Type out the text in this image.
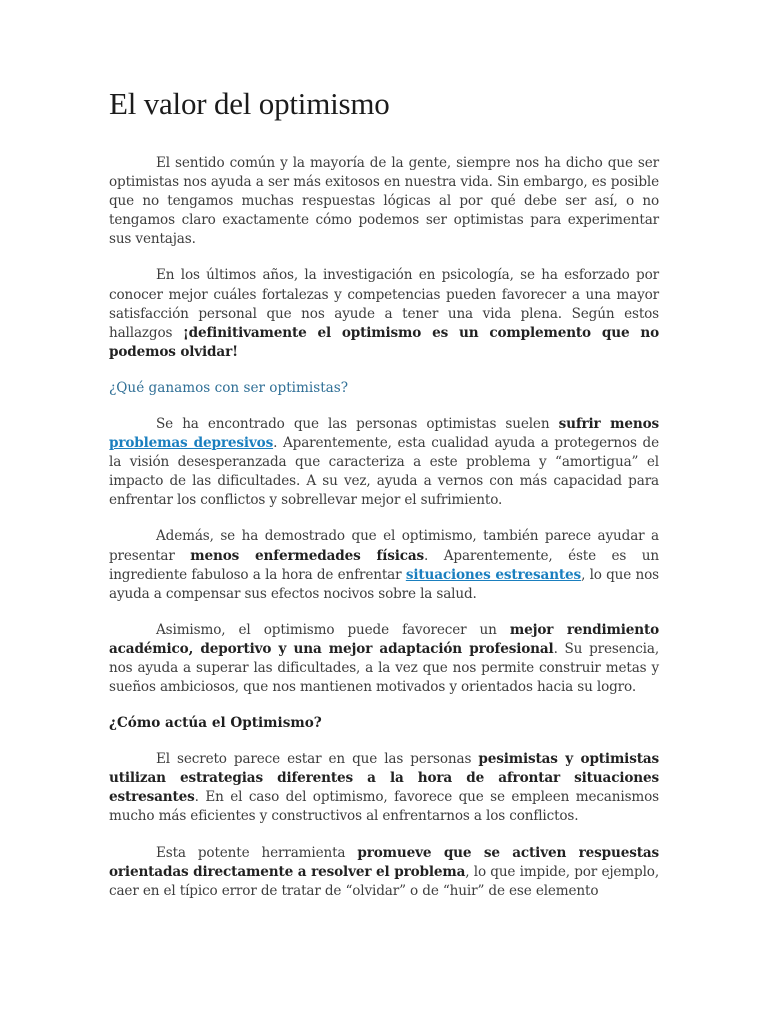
El valor del optimismo

El sentido común y la mayoría de la gente, siempre nos ha dicho que ser optimistas nos ayuda a ser más exitosos en nuestra vida. Sin embargo, es posible que no tengamos muchas respuestas lógicas al por qué debe ser así, o no tengamos claro exactamente cómo podemos ser optimistas para experimentar sus ventajas.

En los últimos años, la investigación en psicología, se ha esforzado por conocer mejor cuáles fortalezas y competencias pueden favorecer a una mayor satisfacción personal que nos ayude a tener una vida plena. Según estos hallazgos ¡definitivamente el optimismo es un complemento que no podemos olvidar!

¿Qué ganamos con ser optimistas?

Se ha encontrado que las personas optimistas suelen sufrir menos problemas depresivos. Aparentemente, esta cualidad ayuda a protegernos de la visión desesperanzada que caracteriza a este problema y “amortigua” el impacto de las dificultades. A su vez, ayuda a vernos con más capacidad para enfrentar los conflictos y sobrellevar mejor el sufrimiento.

Además, se ha demostrado que el optimismo, también parece ayudar a presentar menos enfermedades físicas. Aparentemente, éste es un ingrediente fabuloso a la hora de enfrentar situaciones estresantes, lo que nos ayuda a compensar sus efectos nocivos sobre la salud.

Asimismo, el optimismo puede favorecer un mejor rendimiento académico, deportivo y una mejor adaptación profesional. Su presencia, nos ayuda a superar las dificultades, a la vez que nos permite construir metas y sueños ambiciosos, que nos mantienen motivados y orientados hacia su logro.

¿Cómo actúa el Optimismo?

El secreto parece estar en que las personas pesimistas y optimistas utilizan estrategias diferentes a la hora de afrontar situaciones estresantes. En el caso del optimismo, favorece que se empleen mecanismos mucho más eficientes y constructivos al enfrentarnos a los conflictos.

Esta potente herramienta promueve que se activen respuestas orientadas directamente a resolver el problema, lo que impide, por ejemplo, caer en el típico error de tratar de “olvidar” o de “huir” de ese elemento
